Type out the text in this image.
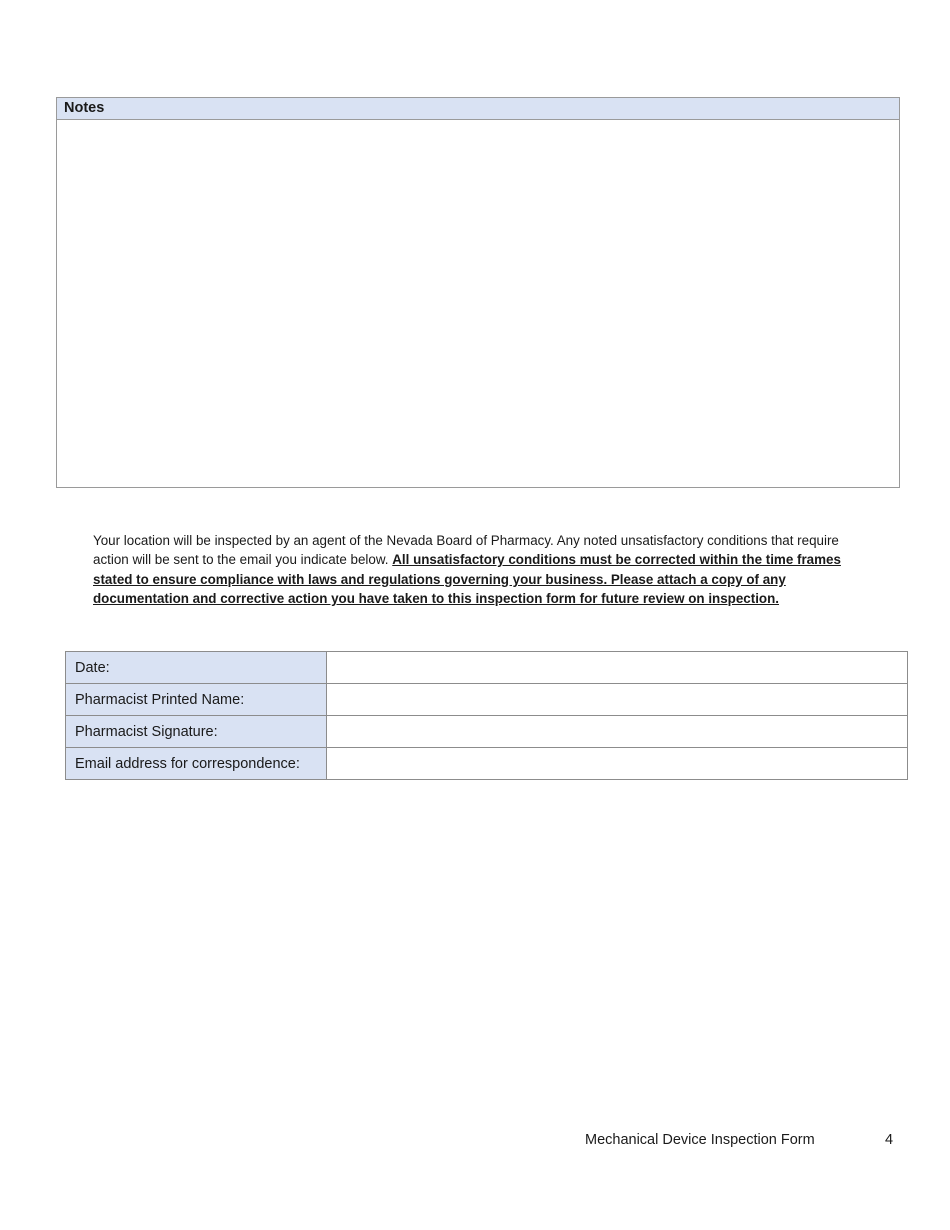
Notes
Your location will be inspected by an agent of the Nevada Board of Pharmacy. Any noted unsatisfactory conditions that require action will be sent to the email you indicate below. All unsatisfactory conditions must be corrected within the time frames stated to ensure compliance with laws and regulations governing your business. Please attach a copy of any documentation and corrective action you have taken to this inspection form for future review on inspection.
Date:	
Pharmacist Printed Name:	
Pharmacist Signature:	
Email address for correspondence:	
Mechanical Device Inspection Form	4
